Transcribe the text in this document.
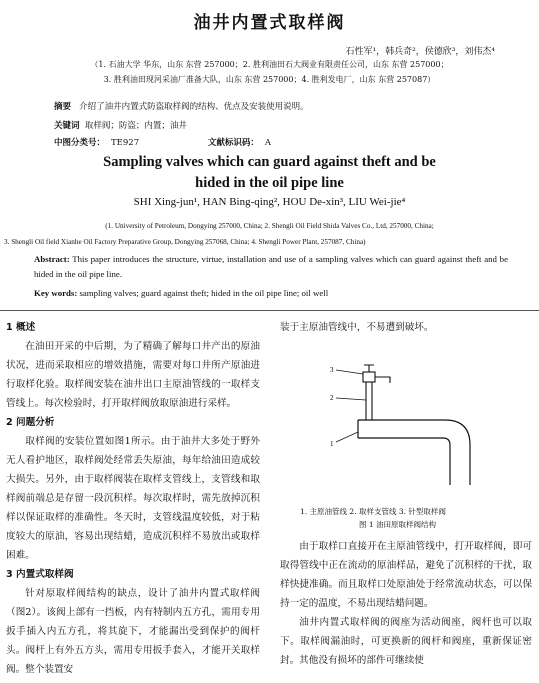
油井内置式取样阀
石性军¹，韩兵奇²，侯德欣³，刘伟杰⁴
（1. 石油大学 华东，山东 东营 257000；2. 胜利油田石大阀业有限责任公司，山东 东营 257000；
3. 胜利油田现河采油厂准备大队，山东 东营 257000；4. 胜利发电厂，山东 东营 257087）
摘要 介绍了油井内置式防盗取样阀的结构、优点及安装使用说明。
关键词 取样阀；防盗；内置；油井
中图分类号： TE927	文献标识码： A
Sampling valves which can guard against theft and be
hided in the oil pipe line
SHI Xing-jun¹, HAN Bing-qing², HOU De-xin³, LIU Wei-jie⁴
(1. University of Petroleum, Dongying 257000, China; 2. Shengli Oil Field Shida Valves Co., Ltd, 257000, China;
3. Shengli Oil field Xianhe Oil Factory Preparative Group, Dongying 257068, China; 4. Shengli Power Plant, 257087, China)
Abstract: This paper introduces the structure, virtue, installation and use of a sampling valves which can guard against theft and be hided in the oil pipe line.
Key words: sampling valves; guard against theft; hided in the oil pipe line; oil well
1 概述

在油田开采的中后期，为了精确了解每口井产出的原油状况，进而采取相应的增效措施，需要对每口井所产原油进行取样化验。取样阀安装在油井出口主原油管线的一取样支管线上。每次检验时，打开取样阀放取原油进行采样。

2 问题分析

取样阀的安装位置如图1所示。由于油井大多处于野外无人看护地区，取样阀处经常丢失原油，每年给油田造成较大损失。另外，由于取样阀装在取样支管线上，支管线和取样阀前端总是存留一段沉积样。每次取样时，需先放掉沉积样以保证取样的准确性。冬天时，支管线温度较低，对于粘度较大的原油，容易出现结蜡，造成沉积样不易放出或取样困难。

3 内置式取样阀

针对原取样阀结构的缺点，设计了油井内置式取样阀（图2）。该阀上部有一挡板，内有特制内五方孔，需用专用扳手插入内五方孔，将其旋下，才能漏出受到保护的阀杆头。阀杆上有外五方头，需用专用扳手套入，才能开关取样阀。整个装置安

装于主原油管线中，不易遭到破坏。

3
2
1
1. 主原油管线 2. 取样支管线 3. 针型取样阀
图 1 油田原取样阀结构

由于取样口直接开在主原油管线中，打开取样阀，即可取得管线中正在流动的原油样品，避免了沉积样的干扰，取样快捷准确。而且取样口处原油处于经常流动状态，可以保持一定的温度，不易出现结蜡问题。

油井内置式取样阀的阀座为活动阀座，阀杆也可以取下。取样阀漏油时，可更换新的阀杆和阀座，重新保证密封。其他没有损坏的部件可继续使
